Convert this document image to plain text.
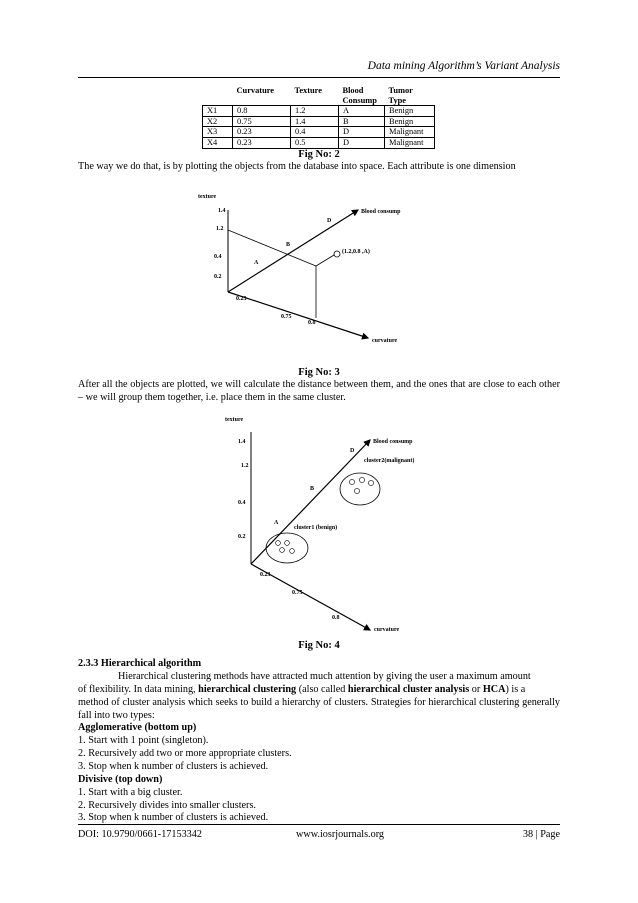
Data mining Algorithm’s Variant Analysis
	Curvature	Texture	Blood Consump	Tumor Type
X1	0.8	1.2	A	Benign
X2	0.75	1.4	B	Benign
X3	0.23	0.4	D	Malignant
X4	0.23	0.5	D	Malignant
Fig No: 2
The way we do that, is by plotting the objects from the database into space. Each attribute is one dimension
texture
1.4
1.2
0.4
0.2
0.23
0.75
0.8
curvature
Blood consump
A
B
D
(1.2,0.8 ,A)
Fig No: 3
After all the objects are plotted, we will calculate the distance between them, and the ones that are close to each other – we will group them together, i.e. place them in the same cluster.
texture
1.4
1.2
0.4
0.2
0.23
0.75
0.8
curvature
Blood consump
A
B
D
cluster1 (benign)
cluster2(malignant)
Fig No: 4
2.3.3 Hierarchical algorithm
Hierarchical clustering methods have attracted much attention by giving the user a maximum amount
of flexibility. In data mining, hierarchical clustering (also called hierarchical cluster analysis or HCA) is a
method of cluster analysis which seeks to build a hierarchy of clusters. Strategies for hierarchical clustering generally fall into two types:
Agglomerative (bottom up)
1. Start with 1 point (singleton).
2. Recursively add two or more appropriate clusters.
3. Stop when k number of clusters is achieved.
Divisive (top down)
1. Start with a big cluster.
2. Recursively divides into smaller clusters.
3. Stop when k number of clusters is achieved.
DOI: 10.9790/0661-17153342	www.iosrjournals.org	38 | Page
